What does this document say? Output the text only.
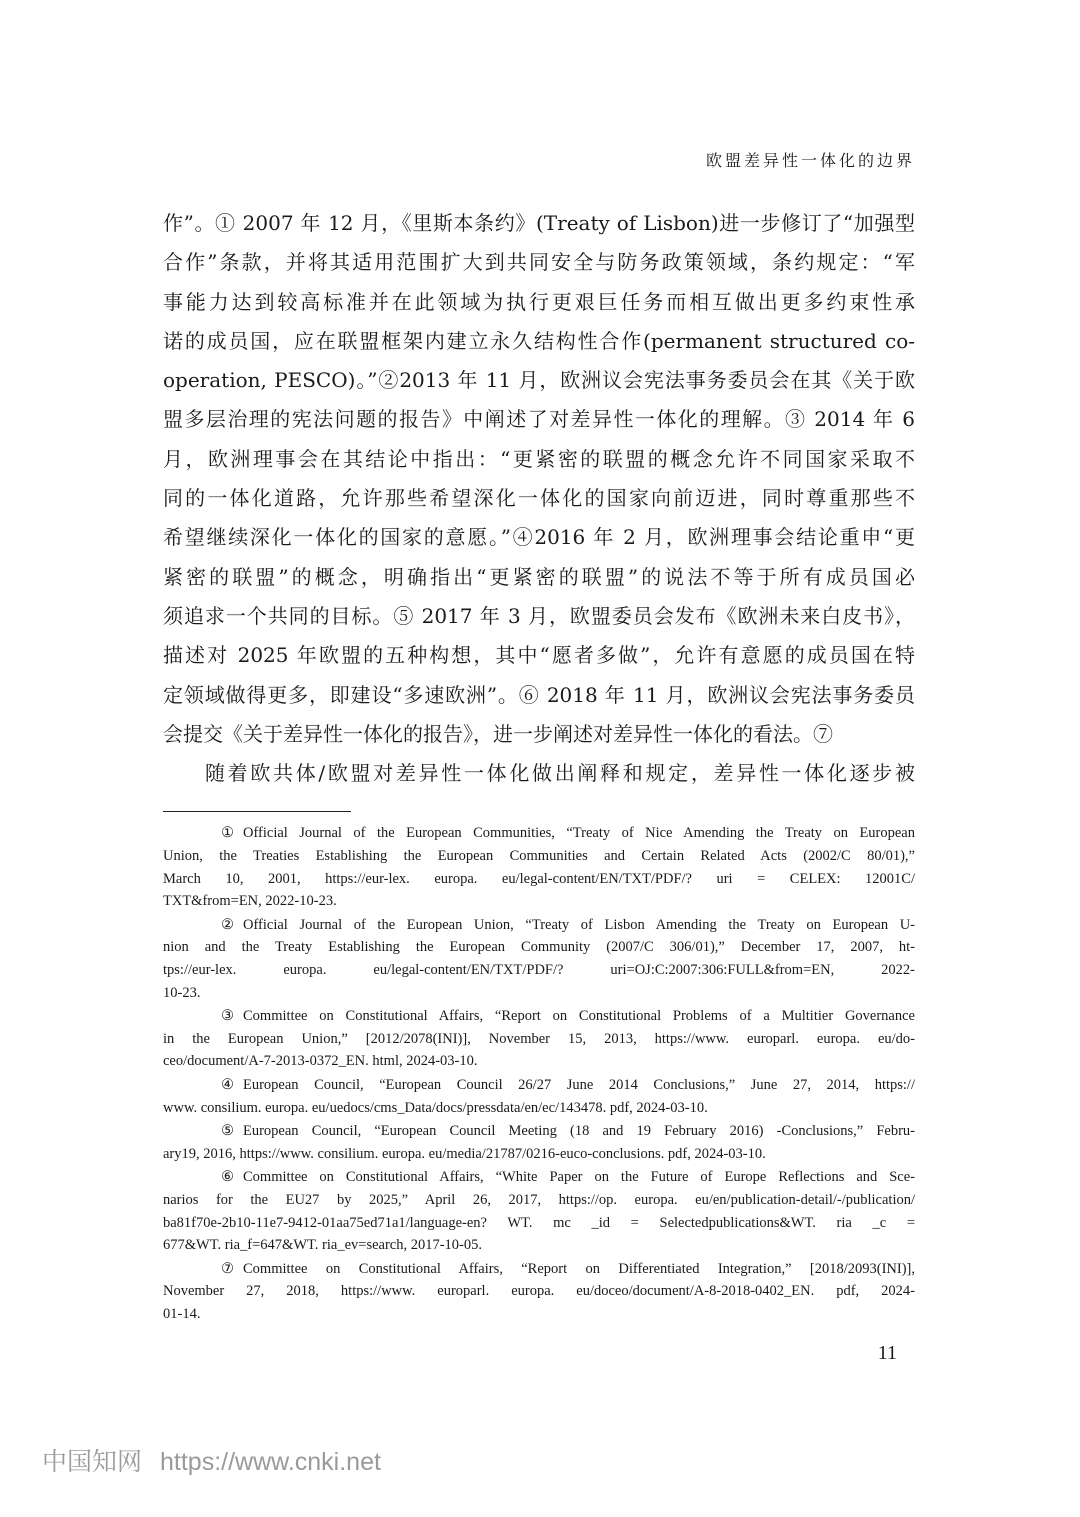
欧盟差异性一体化的边界
作”。① 2007 年 12 月，《里斯本条约》(Treaty of Lisbon)进一步修订了“加强型
合作”条款，并将其适用范围扩大到共同安全与防务政策领域，条约规定：“军
事能力达到较高标准并在此领域为执行更艰巨任务而相互做出更多约束性承
诺的成员国，应在联盟框架内建立永久结构性合作(permanent structured co-
operation, PESCO)。”②2013 年 11 月，欧洲议会宪法事务委员会在其《关于欧
盟多层治理的宪法问题的报告》中阐述了对差异性一体化的理解。③ 2014 年 6
月，欧洲理事会在其结论中指出：“更紧密的联盟的概念允许不同国家采取不
同的一体化道路，允许那些希望深化一体化的国家向前迈进，同时尊重那些不
希望继续深化一体化的国家的意愿。”④2016 年 2 月，欧洲理事会结论重申“更
紧密的联盟”的概念，明确指出“更紧密的联盟”的说法不等于所有成员国必
须追求一个共同的目标。⑤ 2017 年 3 月，欧盟委员会发布《欧洲未来白皮书》，
描述对 2025 年欧盟的五种构想，其中“愿者多做”，允许有意愿的成员国在特
定领域做得更多，即建设“多速欧洲”。⑥ 2018 年 11 月，欧洲议会宪法事务委员
会提交《关于差异性一体化的报告》，进一步阐述对差异性一体化的看法。⑦
随着欧共体/欧盟对差异性一体化做出阐释和规定，差异性一体化逐步被
① Official Journal of the European Communities, “Treaty of Nice Amending the Treaty on European
Union, the Treaties Establishing the European Communities and Certain Related Acts (2002/C 80/01),”
March 10, 2001, https://eur-lex. europa. eu/legal-content/EN/TXT/PDF/? uri = CELEX: 12001C/
TXT&from=EN, 2022-10-23.
② Official Journal of the European Union, “Treaty of Lisbon Amending the Treaty on European U-
nion and the Treaty Establishing the European Community (2007/C 306/01),” December 17, 2007, ht-
tps://eur-lex. europa. eu/legal-content/EN/TXT/PDF/? uri=OJ:C:2007:306:FULL&from=EN, 2022-
10-23.
③ Committee on Constitutional Affairs, “Report on Constitutional Problems of a Multitier Governance
in the European Union,” [2012/2078(INI)], November 15, 2013, https://www. europarl. europa. eu/do-
ceo/document/A-7-2013-0372_EN. html, 2024-03-10.
④ European Council, “European Council 26/27 June 2014 Conclusions,” June 27, 2014, https://
www. consilium. europa. eu/uedocs/cms_Data/docs/pressdata/en/ec/143478. pdf, 2024-03-10.
⑤ European Council, “European Council Meeting (18 and 19 February 2016) -Conclusions,” Febru-
ary19, 2016, https://www. consilium. europa. eu/media/21787/0216-euco-conclusions. pdf, 2024-03-10.
⑥ Committee on Constitutional Affairs, “White Paper on the Future of Europe Reflections and Sce-
narios for the EU27 by 2025,” April 26, 2017, https://op. europa. eu/en/publication-detail/-/publication/
ba81f70e-2b10-11e7-9412-01aa75ed71a1/language-en? WT. mc _id = Selectedpublications&WT. ria _c =
677&WT. ria_f=647&WT. ria_ev=search, 2017-10-05.
⑦ Committee on Constitutional Affairs, “Report on Differentiated Integration,” [2018/2093(INI)],
November 27, 2018, https://www. europarl. europa. eu/doceo/document/A-8-2018-0402_EN. pdf, 2024-
01-14.
11
中国知网 https://www.cnki.net
